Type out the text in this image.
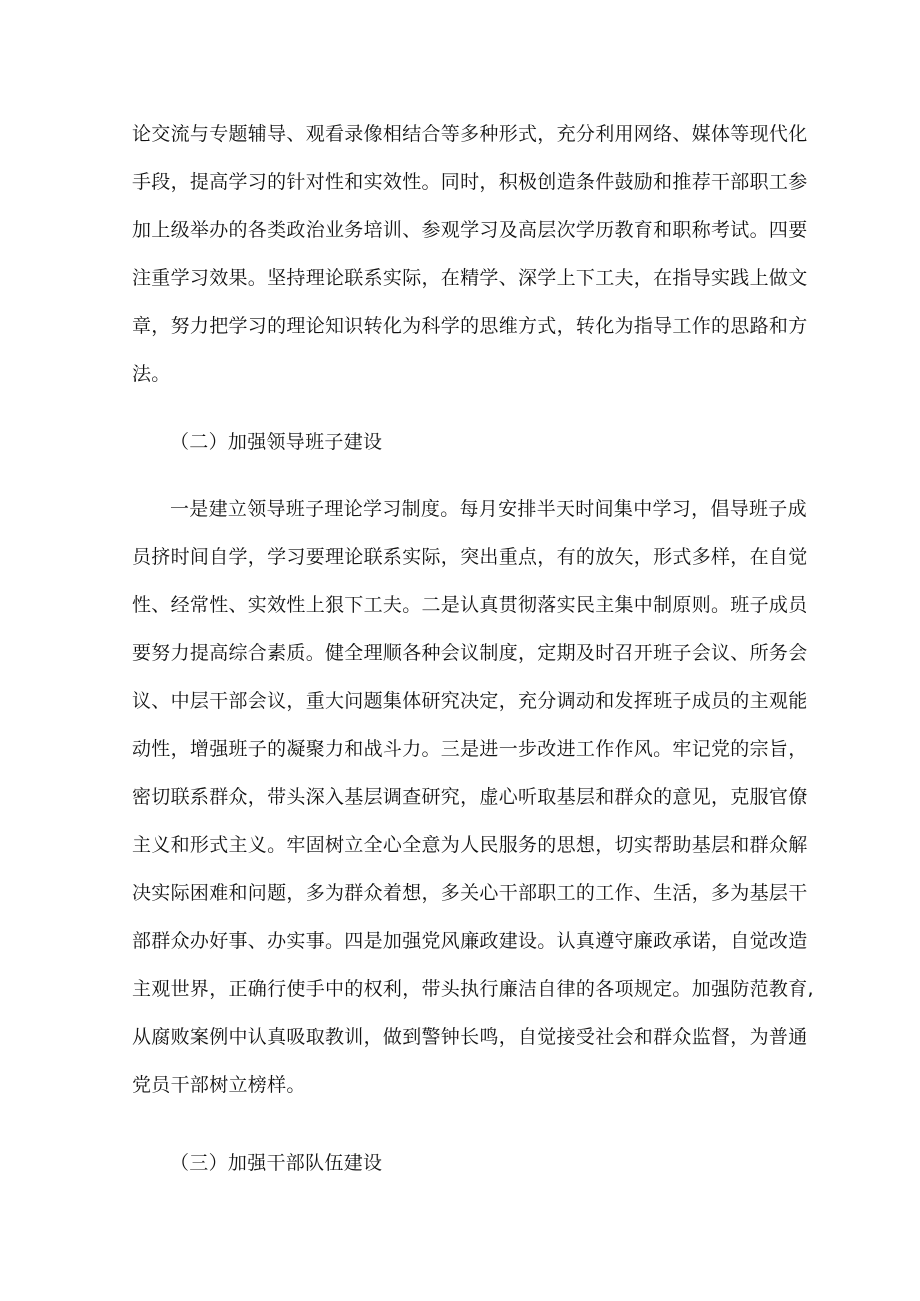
论交流与专题辅导、观看录像相结合等多种形式，充分利用网络、媒体等现代化
手段，提高学习的针对性和实效性。同时，积极创造条件鼓励和推荐干部职工参
加上级举办的各类政治业务培训、参观学习及高层次学历教育和职称考试。四要
注重学习效果。坚持理论联系实际，在精学、深学上下工夫，在指导实践上做文
章，努力把学习的理论知识转化为科学的思维方式，转化为指导工作的思路和方
法。
（二）加强领导班子建设
一是建立领导班子理论学习制度。每月安排半天时间集中学习，倡导班子成
员挤时间自学，学习要理论联系实际，突出重点，有的放矢，形式多样，在自觉
性、经常性、实效性上狠下工夫。二是认真贯彻落实民主集中制原则。班子成员
要努力提高综合素质。健全理顺各种会议制度，定期及时召开班子会议、所务会
议、中层干部会议，重大问题集体研究决定，充分调动和发挥班子成员的主观能
动性，增强班子的凝聚力和战斗力。三是进一步改进工作作风。牢记党的宗旨，
密切联系群众，带头深入基层调查研究，虚心听取基层和群众的意见，克服官僚
主义和形式主义。牢固树立全心全意为人民服务的思想，切实帮助基层和群众解
决实际困难和问题，多为群众着想，多关心干部职工的工作、生活，多为基层干
部群众办好事、办实事。四是加强党风廉政建设。认真遵守廉政承诺，自觉改造
主观世界，正确行使手中的权利，带头执行廉洁自律的各项规定。加强防范教育,
从腐败案例中认真吸取教训，做到警钟长鸣，自觉接受社会和群众监督，为普通
党员干部树立榜样。
（三）加强干部队伍建设
